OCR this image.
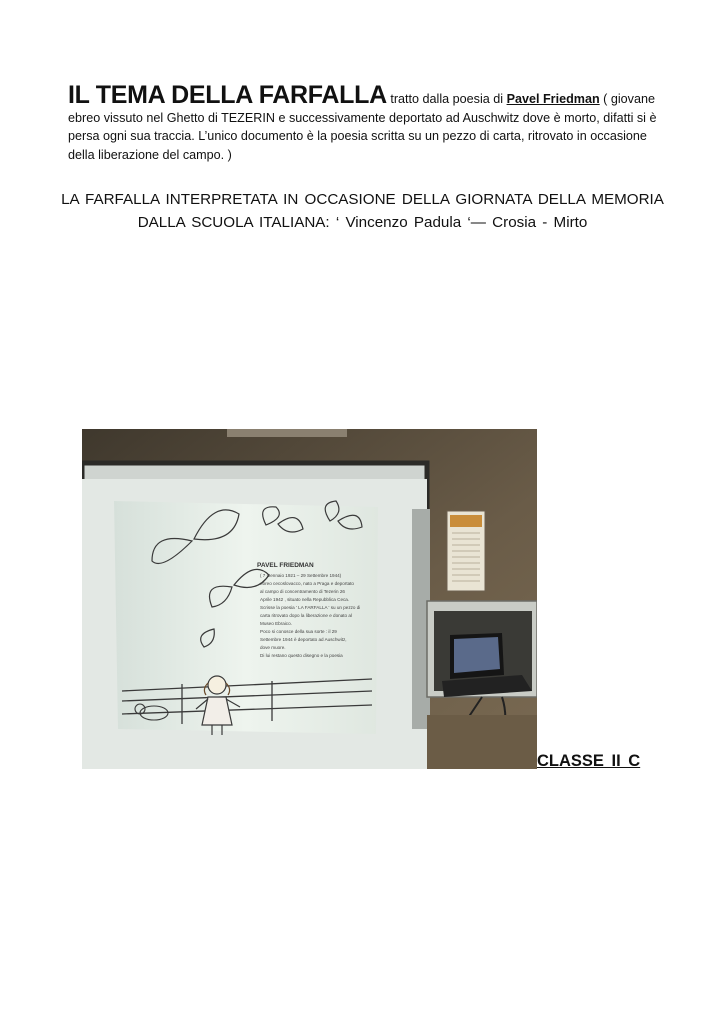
IL TEMA DELLA FARFALLA tratto dalla poesia di Pavel Friedman ( giovane ebreo vissuto nel Ghetto di TEZERIN e successivamente deportato ad Auschwitz dove è morto, difatti si è persa ogni sua traccia. L’unico documento è la poesia scritta su un pezzo di carta, ritrovato in occasione della liberazione del campo. )
LA FARFALLA INTERPRETATA IN OCCASIONE DELLA GIORNATA DELLA MEMORIA
DALLA SCUOLA ITALIANA: ‘ Vincenzo Padula ‘— Crosia - Mirto
PAVEL FRIEDMAN
( 7 Gennaio 1921 – 29 Settembre 1944)
ebreo cecoslovacco, nato a Praga e deportato
al campo di concentramento di Tezerin 26
Aprile 1942 , situato nella Repubblica Ceca.
Scrisse la poesia ' LA FARFALLA ' su un pezzo di
carta ritrovato dopo la liberazione e donato al
Museo Ebraico.
Poco si conosce della sua sorte : il 29
Settembre 1944 è deportato ad Auschwitz,
dove muore.
Di lui restano questo disegno e la poesia
CLASSE II C
